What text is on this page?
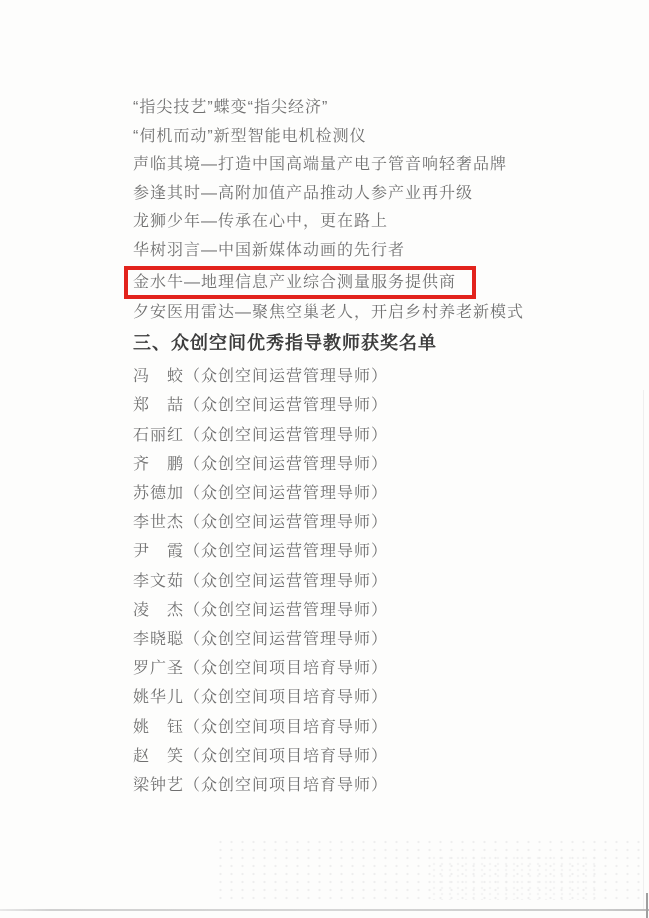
“指尖技艺”蝶变“指尖经济”
“伺机而动”新型智能电机检测仪
声临其境—打造中国高端量产电子管音响轻奢品牌
参逢其时—高附加值产品推动人参产业再升级
龙狮少年—传承在心中，更在路上
华树羽言—中国新媒体动画的先行者
金水牛—地理信息产业综合测量服务提供商
夕安医用雷达—聚焦空巢老人，开启乡村养老新模式
三、众创空间优秀指导教师获奖名单
冯　蛟（众创空间运营管理导师）
郑　喆（众创空间运营管理导师）
石丽红（众创空间运营管理导师）
齐　鹏（众创空间运营管理导师）
苏德加（众创空间运营管理导师）
李世杰（众创空间运营管理导师）
尹　霞（众创空间运营管理导师）
李文茹（众创空间运营管理导师）
凌　杰（众创空间运营管理导师）
李晓聪（众创空间运营管理导师）
罗广圣（众创空间项目培育导师）
姚华儿（众创空间项目培育导师）
姚　钰（众创空间项目培育导师）
赵　笑（众创空间项目培育导师）
梁钟艺（众创空间项目培育导师）
